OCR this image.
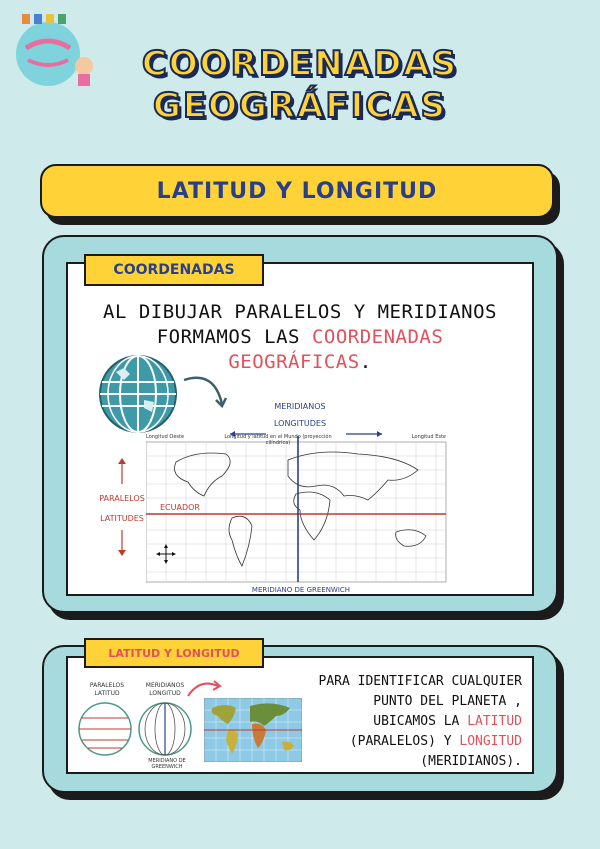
COORDENADAS
GEOGRÁFICAS
LATITUD Y LONGITUD
COORDENADAS
AL DIBUJAR PARALELOS Y MERIDIANOS
FORMAMOS LAS COORDENADAS
GEOGRÁFICAS.
MERIDIANOS
LONGITUDES
PARALELOS
LATITUDES
Longitud Oeste	Longitud y latitud en el Mundo (proyección cilíndrica)
Longitud Este
ECUADOR
MERIDIANO DE GREENWICH
LATITUD Y LONGITUD
PARALELOS
LATITUD
MERIDIANOS
LONGITUD
MERIDIANO DE GREENWICH
PARA IDENTIFICAR CUALQUIER
PUNTO DEL PLANETA ,
UBICAMOS LA LATITUD
(PARALELOS) Y LONGITUD
(MERIDIANOS).
